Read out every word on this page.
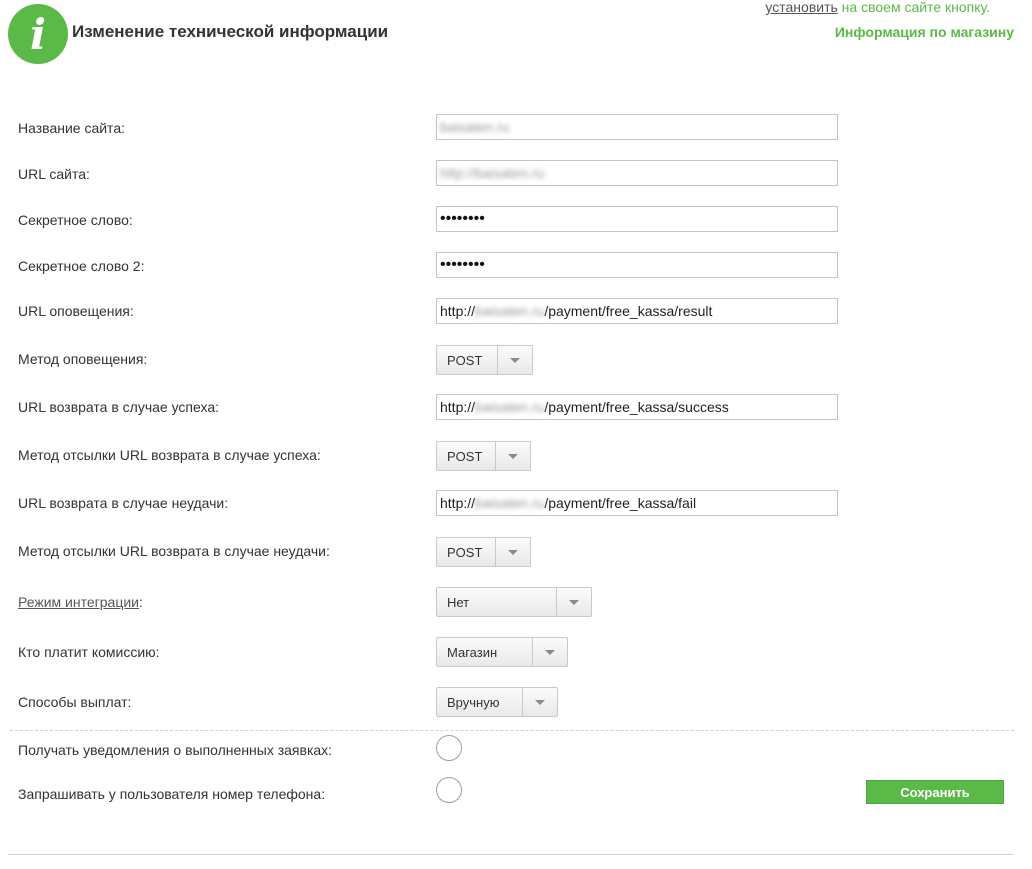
i Изменение технической информации
установить на своем сайте кнопку.
Информация по магазину
Название сайта:	baisaten.ru
URL сайта:	http://baisaten.ru
Секретное слово:	••••••••
Секретное слово 2:	••••••••
URL оповещения:	http:// baisaten.ru /payment/free_kassa/result
Метод оповещения:	POST
URL возврата в случае успеха:	http:// baisaten.ru /payment/free_kassa/success
Метод отсылки URL возврата в случае успеха:	POST
URL возврата в случае неудачи:	http:// baisaten.ru /payment/free_kassa/fail
Метод отсылки URL возврата в случае неудачи:	POST
Режим интеграции:	Нет
Кто платит комиссию:	Магазин
Способы выплат:	Вручную
Получать уведомления о выполненных заявках:
Запрашивать у пользователя номер телефона:	Сохранить
